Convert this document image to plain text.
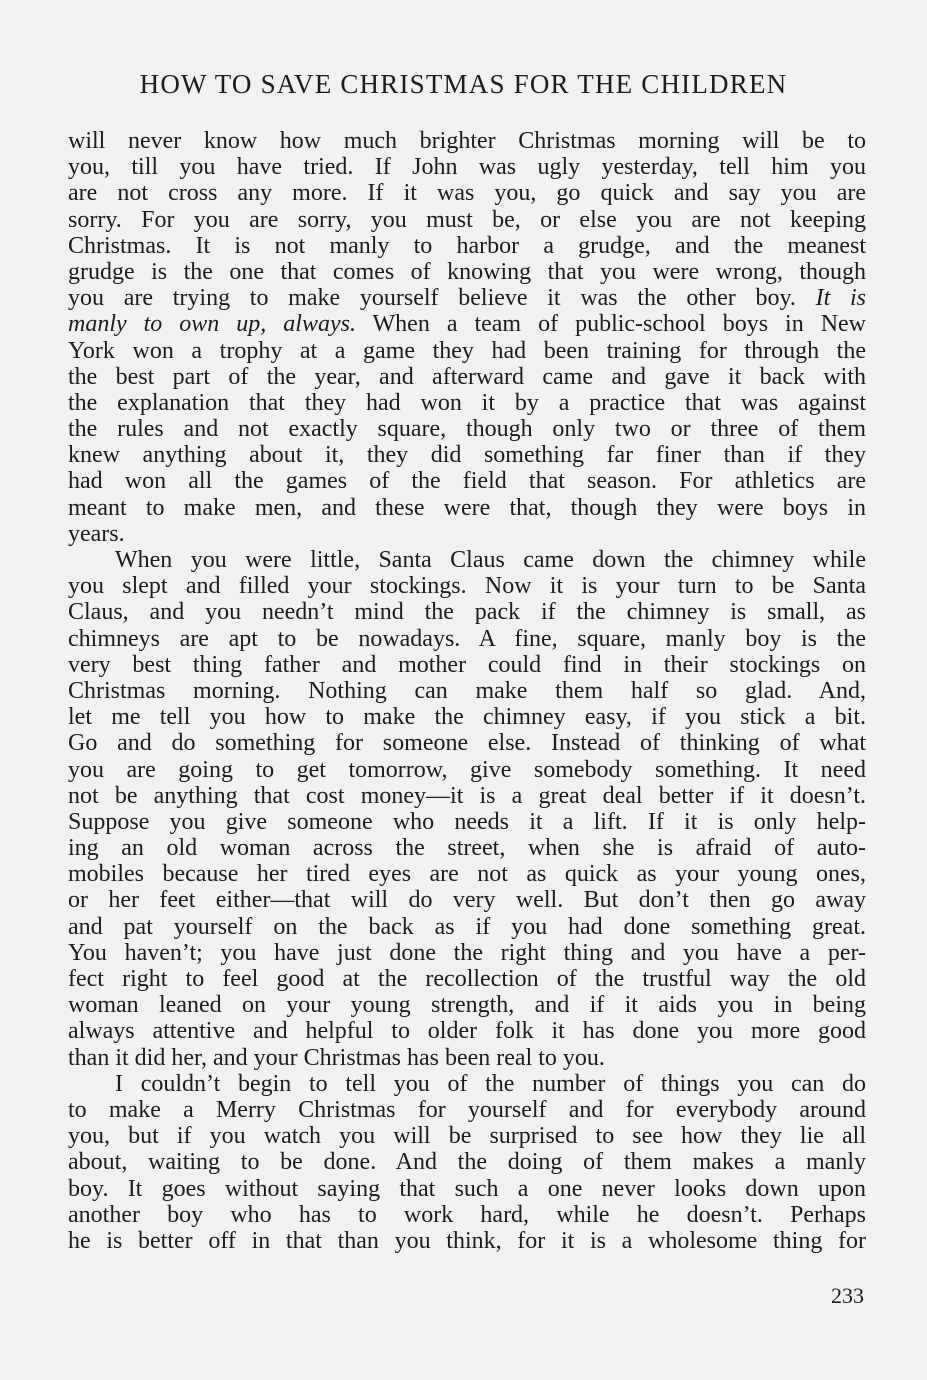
HOW TO SAVE CHRISTMAS FOR THE CHILDREN
will never know how much brighter Christmas morning will be to
you, till you have tried. If John was ugly yesterday, tell him you
are not cross any more. If it was you, go quick and say you are
sorry. For you are sorry, you must be, or else you are not keeping
Christmas. It is not manly to harbor a grudge, and the meanest
grudge is the one that comes of knowing that you were wrong, though
you are trying to make yourself believe it was the other boy. It is
manly to own up, always. When a team of public-school boys in New
York won a trophy at a game they had been training for through the
the best part of the year, and afterward came and gave it back with
the explanation that they had won it by a practice that was against
the rules and not exactly square, though only two or three of them
knew anything about it, they did something far finer than if they
had won all the games of the field that season. For athletics are
meant to make men, and these were that, though they were boys in
years.
When you were little, Santa Claus came down the chimney while
you slept and filled your stockings. Now it is your turn to be Santa
Claus, and you needn’t mind the pack if the chimney is small, as
chimneys are apt to be nowadays. A fine, square, manly boy is the
very best thing father and mother could find in their stockings on
Christmas morning. Nothing can make them half so glad. And,
let me tell you how to make the chimney easy, if you stick a bit.
Go and do something for someone else. Instead of thinking of what
you are going to get tomorrow, give somebody something. It need
not be anything that cost money—it is a great deal better if it doesn’t.
Suppose you give someone who needs it a lift. If it is only help-
ing an old woman across the street, when she is afraid of auto-
mobiles because her tired eyes are not as quick as your young ones,
or her feet either—that will do very well. But don’t then go away
and pat yourself on the back as if you had done something great.
You haven’t; you have just done the right thing and you have a per-
fect right to feel good at the recollection of the trustful way the old
woman leaned on your young strength, and if it aids you in being
always attentive and helpful to older folk it has done you more good
than it did her, and your Christmas has been real to you.
I couldn’t begin to tell you of the number of things you can do
to make a Merry Christmas for yourself and for everybody around
you, but if you watch you will be surprised to see how they lie all
about, waiting to be done. And the doing of them makes a manly
boy. It goes without saying that such a one never looks down upon
another boy who has to work hard, while he doesn’t. Perhaps
he is better off in that than you think, for it is a wholesome thing for
233
